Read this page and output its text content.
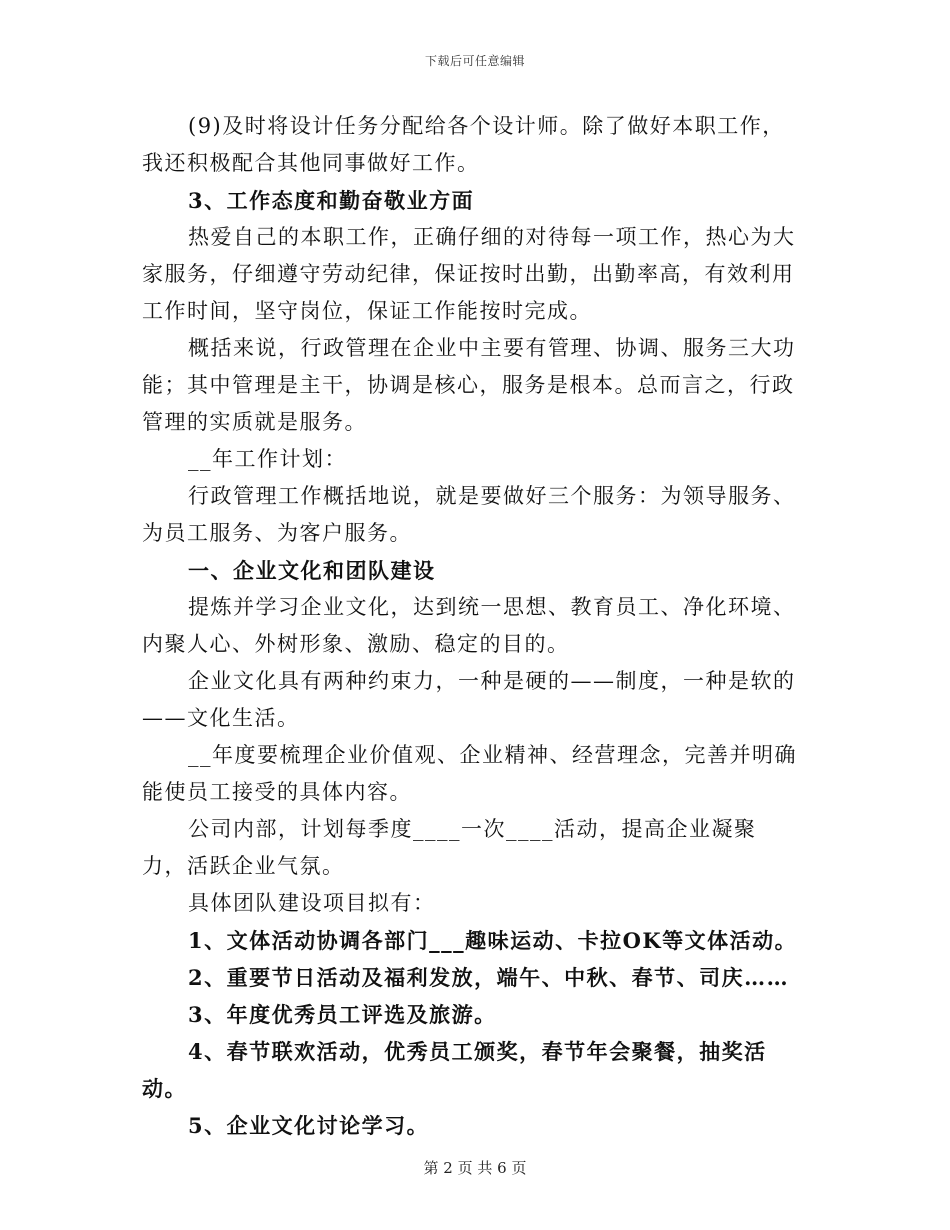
下载后可任意编辑

(9)及时将设计任务分配给各个设计师。除了做好本职工作，我还积极配合其他同事做好工作。

3、工作态度和勤奋敬业方面

热爱自己的本职工作，正确仔细的对待每一项工作，热心为大家服务，仔细遵守劳动纪律，保证按时出勤，出勤率高，有效利用工作时间，坚守岗位，保证工作能按时完成。

概括来说，行政管理在企业中主要有管理、协调、服务三大功能；其中管理是主干，协调是核心，服务是根本。总而言之，行政管理的实质就是服务。

__年工作计划：

行政管理工作概括地说，就是要做好三个服务：为领导服务、为员工服务、为客户服务。

一、企业文化和团队建设

提炼并学习企业文化，达到统一思想、教育员工、净化环境、内聚人心、外树形象、激励、稳定的目的。

企业文化具有两种约束力，一种是硬的——制度，一种是软的——文化生活。

__年度要梳理企业价值观、企业精神、经营理念，完善并明确能使员工接受的具体内容。

公司内部，计划每季度____一次____活动，提高企业凝聚力，活跃企业气氛。

具体团队建设项目拟有：

1、文体活动协调各部门___趣味运动、卡拉OK等文体活动。

2、重要节日活动及福利发放，端午、中秋、春节、司庆……

3、年度优秀员工评选及旅游。

4、春节联欢活动，优秀员工颁奖，春节年会聚餐，抽奖活动。

5、企业文化讨论学习。

第 2 页 共 6 页
